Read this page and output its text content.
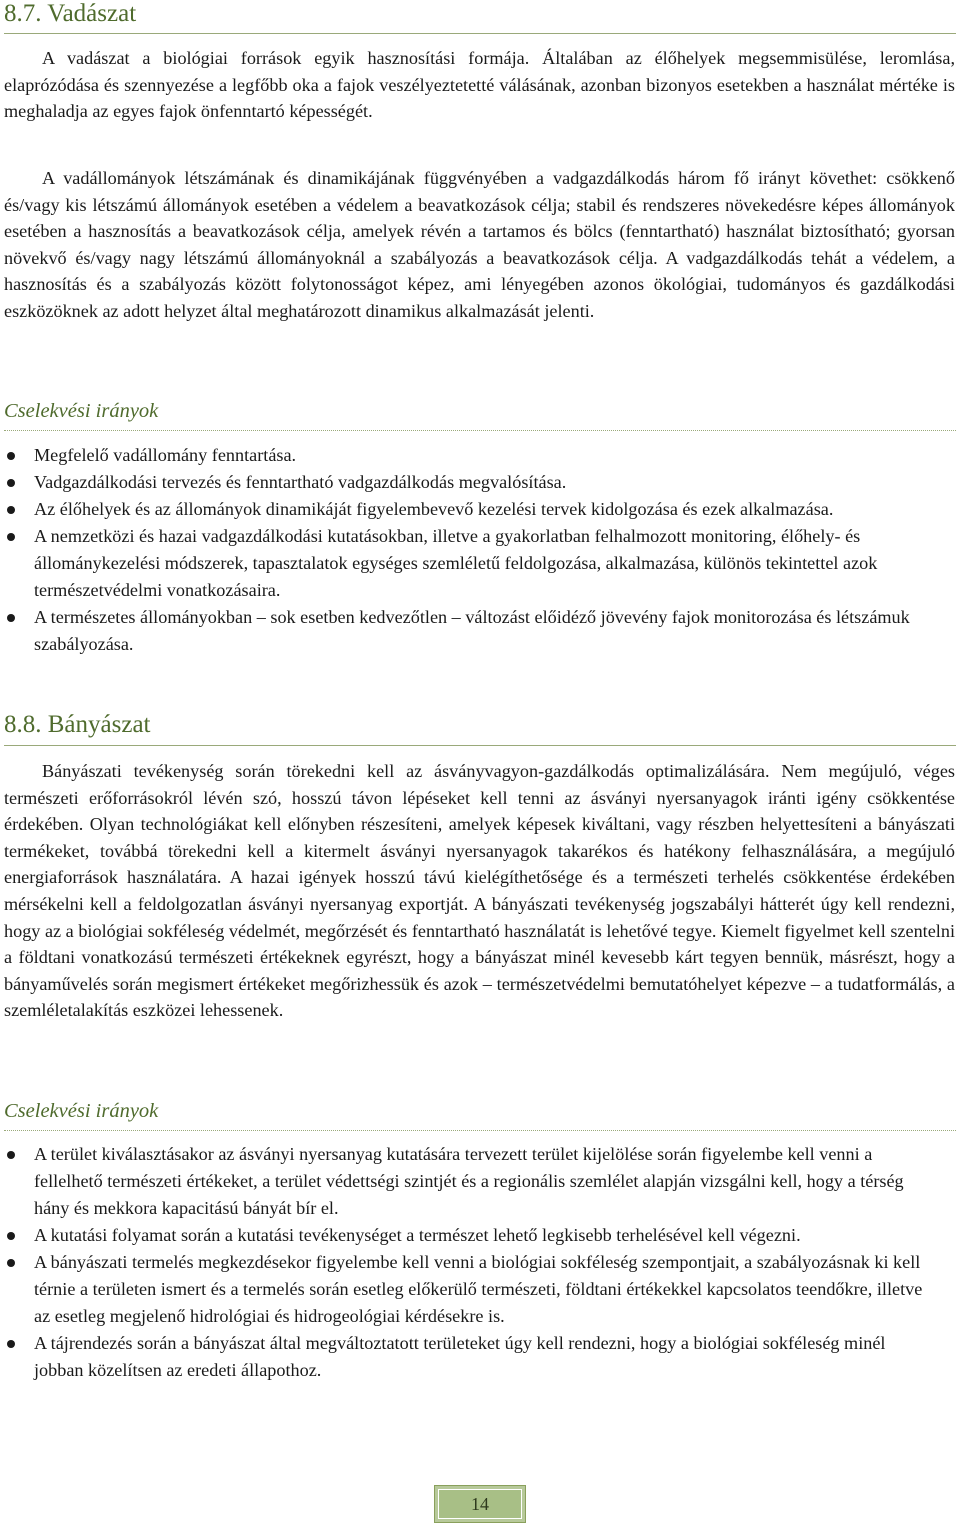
8.7. Vadászat

A vadászat a biológiai források egyik hasznosítási formája. Általában az élőhelyek megsemmisülése, leromlása, elaprózódása és szennyezése a legfőbb oka a fajok veszélyeztetetté válásának, azonban bizonyos esetekben a használat mértéke is meghaladja az egyes fajok önfenntartó képességét.

A vadállományok létszámának és dinamikájának függvényében a vadgazdálkodás három fő irányt követhet: csökkenő és/vagy kis létszámú állományok esetében a védelem a beavatkozások célja; stabil és rendszeres növekedésre képes állományok esetében a hasznosítás a beavatkozások célja, amelyek révén a tartamos és bölcs (fenntartható) használat biztosítható; gyorsan növekvő és/vagy nagy létszámú állományoknál a szabályozás a beavatkozások célja. A vadgazdálkodás tehát a védelem, a hasznosítás és a szabályozás között folytonosságot képez, ami lényegében azonos ökológiai, tudományos és gazdálkodási eszközöknek az adott helyzet által meghatározott dinamikus alkalmazását jelenti.

Cselekvési irányok
Megfelelő vadállomány fenntartása.
Vadgazdálkodási tervezés és fenntartható vadgazdálkodás megvalósítása.
Az élőhelyek és az állományok dinamikáját figyelembevevő kezelési tervek kidolgozása és ezek alkalmazása.
A nemzetközi és hazai vadgazdálkodási kutatásokban, illetve a gyakorlatban felhalmozott monitoring, élőhely- és állománykezelési módszerek, tapasztalatok egységes szemléletű feldolgozása, alkalmazása, különös tekintettel azok természetvédelmi vonatkozásaira.
A természetes állományokban – sok esetben kedvezőtlen – változást előidéző jövevény fajok monitorozása és létszámuk szabályozása.
8.8. Bányászat

Bányászati tevékenység során törekedni kell az ásványvagyon-gazdálkodás optimalizálására. Nem megújuló, véges természeti erőforrásokról lévén szó, hosszú távon lépéseket kell tenni az ásványi nyersanyagok iránti igény csökkentése érdekében. Olyan technológiákat kell előnyben részesíteni, amelyek képesek kiváltani, vagy részben helyettesíteni a bányászati termékeket, továbbá törekedni kell a kitermelt ásványi nyersanyagok takarékos és hatékony felhasználására, a megújuló energiaforrások használatára. A hazai igények hosszú távú kielégíthetősége és a természeti terhelés csökkentése érdekében mérsékelni kell a feldolgozatlan ásványi nyersanyag exportját. A bányászati tevékenység jogszabályi hátterét úgy kell rendezni, hogy az a biológiai sokféleség védelmét, megőrzését és fenntartható használatát is lehetővé tegye. Kiemelt figyelmet kell szentelni a földtani vonatkozású természeti értékeknek egyrészt, hogy a bányászat minél kevesebb kárt tegyen bennük, másrészt, hogy a bányaművelés során megismert értékeket megőrizhessük és azok – természetvédelmi bemutatóhelyet képezve – a tudatformálás, a szemléletalakítás eszközei lehessenek.

Cselekvési irányok
A terület kiválasztásakor az ásványi nyersanyag kutatására tervezett terület kijelölése során figyelembe kell venni a fellelhető természeti értékeket, a terület védettségi szintjét és a regionális szemlélet alapján vizsgálni kell, hogy a térség hány és mekkora kapacitású bányát bír el.
A kutatási folyamat során a kutatási tevékenységet a természet lehető legkisebb terhelésével kell végezni.
A bányászati termelés megkezdésekor figyelembe kell venni a biológiai sokféleség szempontjait, a szabályozásnak ki kell térnie a területen ismert és a termelés során esetleg előkerülő természeti, földtani értékekkel kapcsolatos teendőkre, illetve az esetleg megjelenő hidrológiai és hidrogeológiai kérdésekre is.
A tájrendezés során a bányászat által megváltoztatott területeket úgy kell rendezni, hogy a biológiai sokféleség minél jobban közelítsen az eredeti állapothoz.
14
